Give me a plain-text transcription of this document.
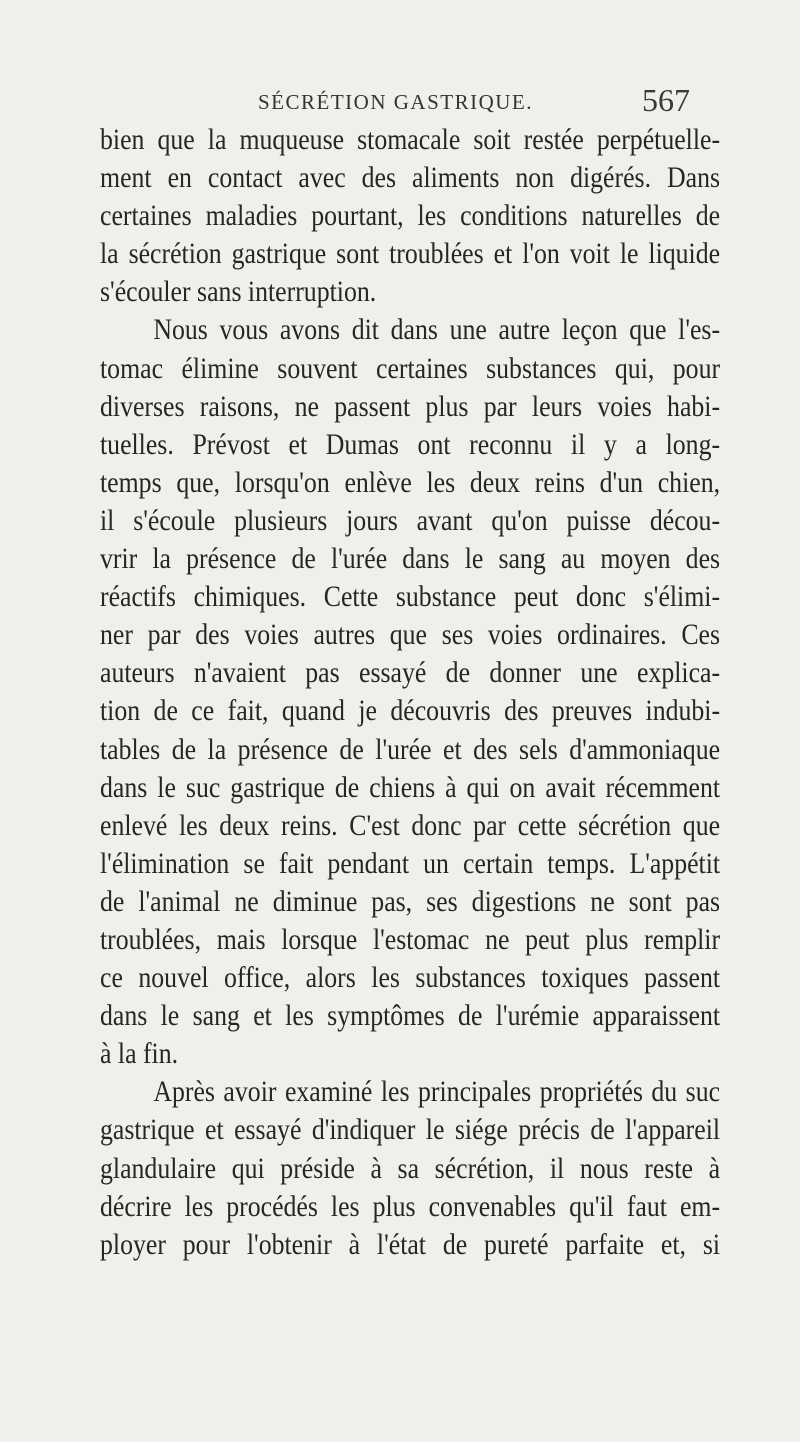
SÉCRÉTION GASTRIQUE.	567
bien que la muqueuse stomacale soit restée perpétuelle-
ment en contact avec des aliments non digérés. Dans
certaines maladies pourtant, les conditions naturelles de
la sécrétion gastrique sont troublées et l'on voit le liquide
s'écouler sans interruption.
Nous vous avons dit dans une autre leçon que l'es-
tomac élimine souvent certaines substances qui, pour
diverses raisons, ne passent plus par leurs voies habi-
tuelles. Prévost et Dumas ont reconnu il y a long-
temps que, lorsqu'on enlève les deux reins d'un chien,
il s'écoule plusieurs jours avant qu'on puisse décou-
vrir la présence de l'urée dans le sang au moyen des
réactifs chimiques. Cette substance peut donc s'élimi-
ner par des voies autres que ses voies ordinaires. Ces
auteurs n'avaient pas essayé de donner une explica-
tion de ce fait, quand je découvris des preuves indubi-
tables de la présence de l'urée et des sels d'ammoniaque
dans le suc gastrique de chiens à qui on avait récemment
enlevé les deux reins. C'est donc par cette sécrétion que
l'élimination se fait pendant un certain temps. L'appétit
de l'animal ne diminue pas, ses digestions ne sont pas
troublées, mais lorsque l'estomac ne peut plus remplir
ce nouvel office, alors les substances toxiques passent
dans le sang et les symptômes de l'urémie apparaissent
à la fin.
Après avoir examiné les principales propriétés du suc
gastrique et essayé d'indiquer le siége précis de l'appareil
glandulaire qui préside à sa sécrétion, il nous reste à
décrire les procédés les plus convenables qu'il faut em-
ployer pour l'obtenir à l'état de pureté parfaite et, si
